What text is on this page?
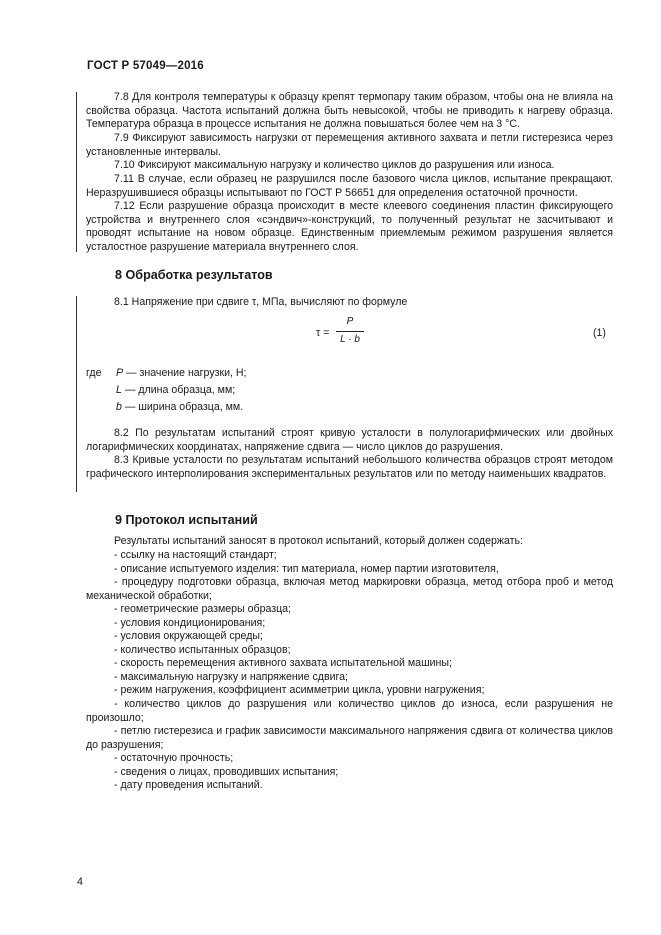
ГОСТ Р 57049—2016
7.8 Для контроля температуры к образцу крепят термопару таким образом, чтобы она не влияла на свойства образца. Частота испытаний должна быть невысокой, чтобы не приводить к нагреву образца. Температура образца в процессе испытания не должна повышаться более чем на 3 °С.
7.9 Фиксируют зависимость нагрузки от перемещения активного захвата и петли гистерезиса через установленные интервалы.
7.10 Фиксируют максимальную нагрузку и количество циклов до разрушения или износа.
7.11 В случае, если образец не разрушился после базового числа циклов, испытание прекращают. Неразрушившиеся образцы испытывают по ГОСТ Р 56651 для определения остаточной прочности.
7.12 Если разрушение образца происходит в месте клеевого соединения пластин фиксирующего устройства и внутреннего слоя «сэндвич»-конструкций, то полученный результат не засчитывают и проводят испытание на новом образце. Единственным приемлемым режимом разрушения является усталостное разрушение материала внутреннего слоя.
8 Обработка результатов
8.1 Напряжение при сдвиге τ, МПа, вычисляют по формуле
τ =
P
L · b
(1)
где P — значение нагрузки, Н;
L — длина образца, мм;
b — ширина образца, мм.
8.2 По результатам испытаний строят кривую усталости в полулогарифмических или двойных логарифмических координатах, напряжение сдвига — число циклов до разрушения.
8.3 Кривые усталости по результатам испытаний небольшого количества образцов строят методом графического интерполирования экспериментальных результатов или по методу наименьших квадратов.
9 Протокол испытаний
Результаты испытаний заносят в протокол испытаний, который должен содержать:
- ссылку на настоящий стандарт;
- описание испытуемого изделия: тип материала, номер партии изготовителя,
- процедуру подготовки образца, включая метод маркировки образца, метод отбора проб и метод механической обработки;
- геометрические размеры образца;
- условия кондиционирования;
- условия окружающей среды;
- количество испытанных образцов;
- скорость перемещения активного захвата испытательной машины;
- максимальную нагрузку и напряжение сдвига;
- режим нагружения, коэффициент асимметрии цикла, уровни нагружения;
- количество циклов до разрушения или количество циклов до износа, если разрушения не произошло;
- петлю гистерезиса и график зависимости максимального напряжения сдвига от количества циклов до разрушения;
- остаточную прочность;
- сведения о лицах, проводивших испытания;
- дату проведения испытаний.
4
